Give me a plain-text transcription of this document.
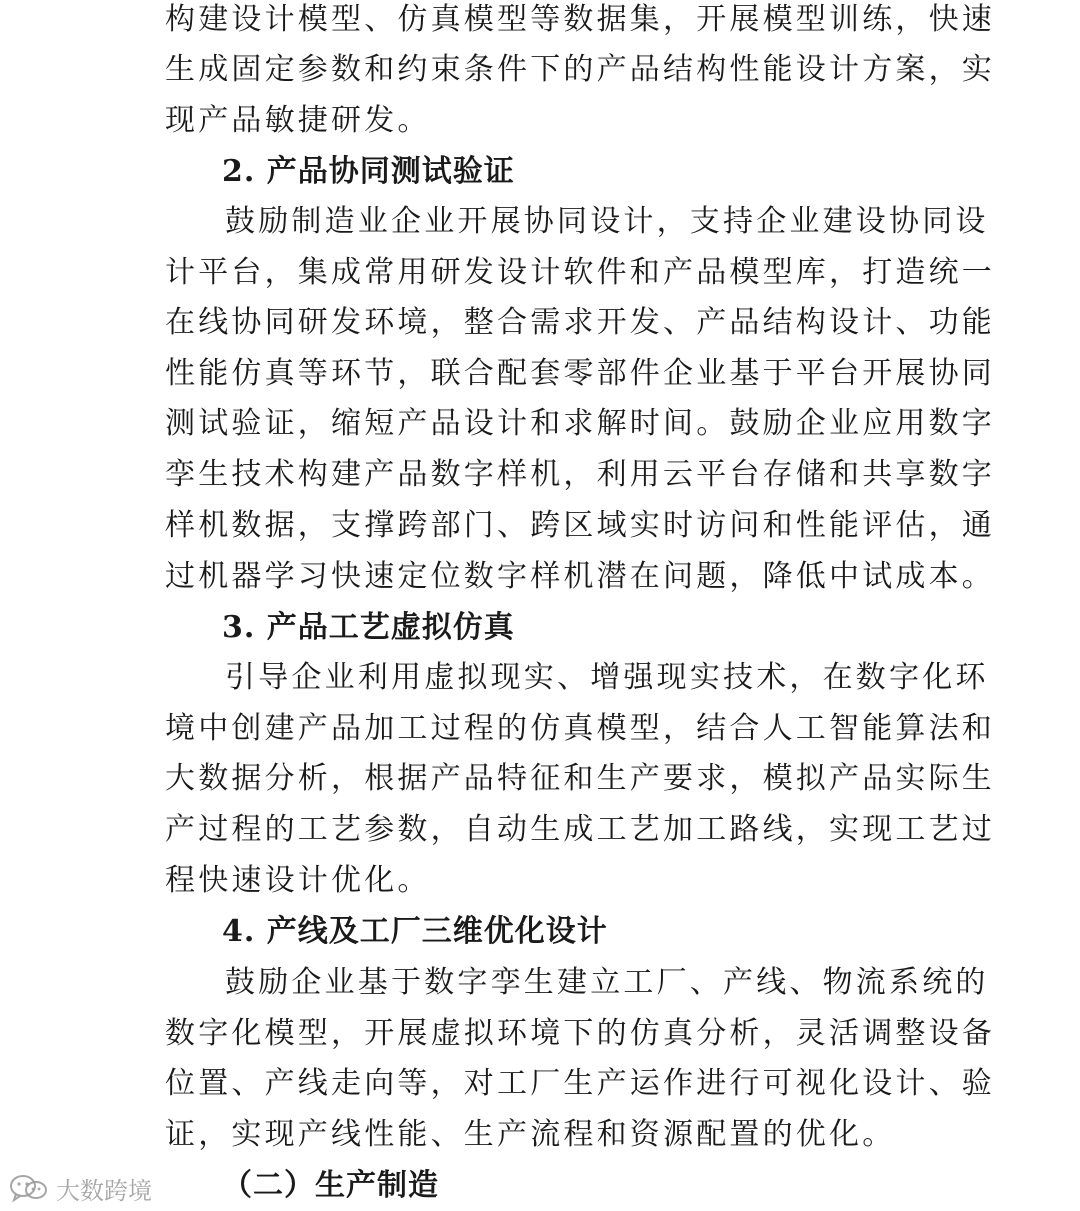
构建设计模型、仿真模型等数据集，开展模型训练，快速
生成固定参数和约束条件下的产品结构性能设计方案，实
现产品敏捷研发。
2. 产品协同测试验证
鼓励制造业企业开展协同设计，支持企业建设协同设
计平台，集成常用研发设计软件和产品模型库，打造统一
在线协同研发环境，整合需求开发、产品结构设计、功能
性能仿真等环节，联合配套零部件企业基于平台开展协同
测试验证，缩短产品设计和求解时间。鼓励企业应用数字
孪生技术构建产品数字样机，利用云平台存储和共享数字
样机数据，支撑跨部门、跨区域实时访问和性能评估，通
过机器学习快速定位数字样机潜在问题，降低中试成本。
3. 产品工艺虚拟仿真
引导企业利用虚拟现实、增强现实技术，在数字化环
境中创建产品加工过程的仿真模型，结合人工智能算法和
大数据分析，根据产品特征和生产要求，模拟产品实际生
产过程的工艺参数，自动生成工艺加工路线，实现工艺过
程快速设计优化。
4. 产线及工厂三维优化设计
鼓励企业基于数字孪生建立工厂、产线、物流系统的
数字化模型，开展虚拟环境下的仿真分析，灵活调整设备
位置、产线走向等，对工厂生产运作进行可视化设计、验
证，实现产线性能、生产流程和资源配置的优化。
（二）生产制造
大数跨境
